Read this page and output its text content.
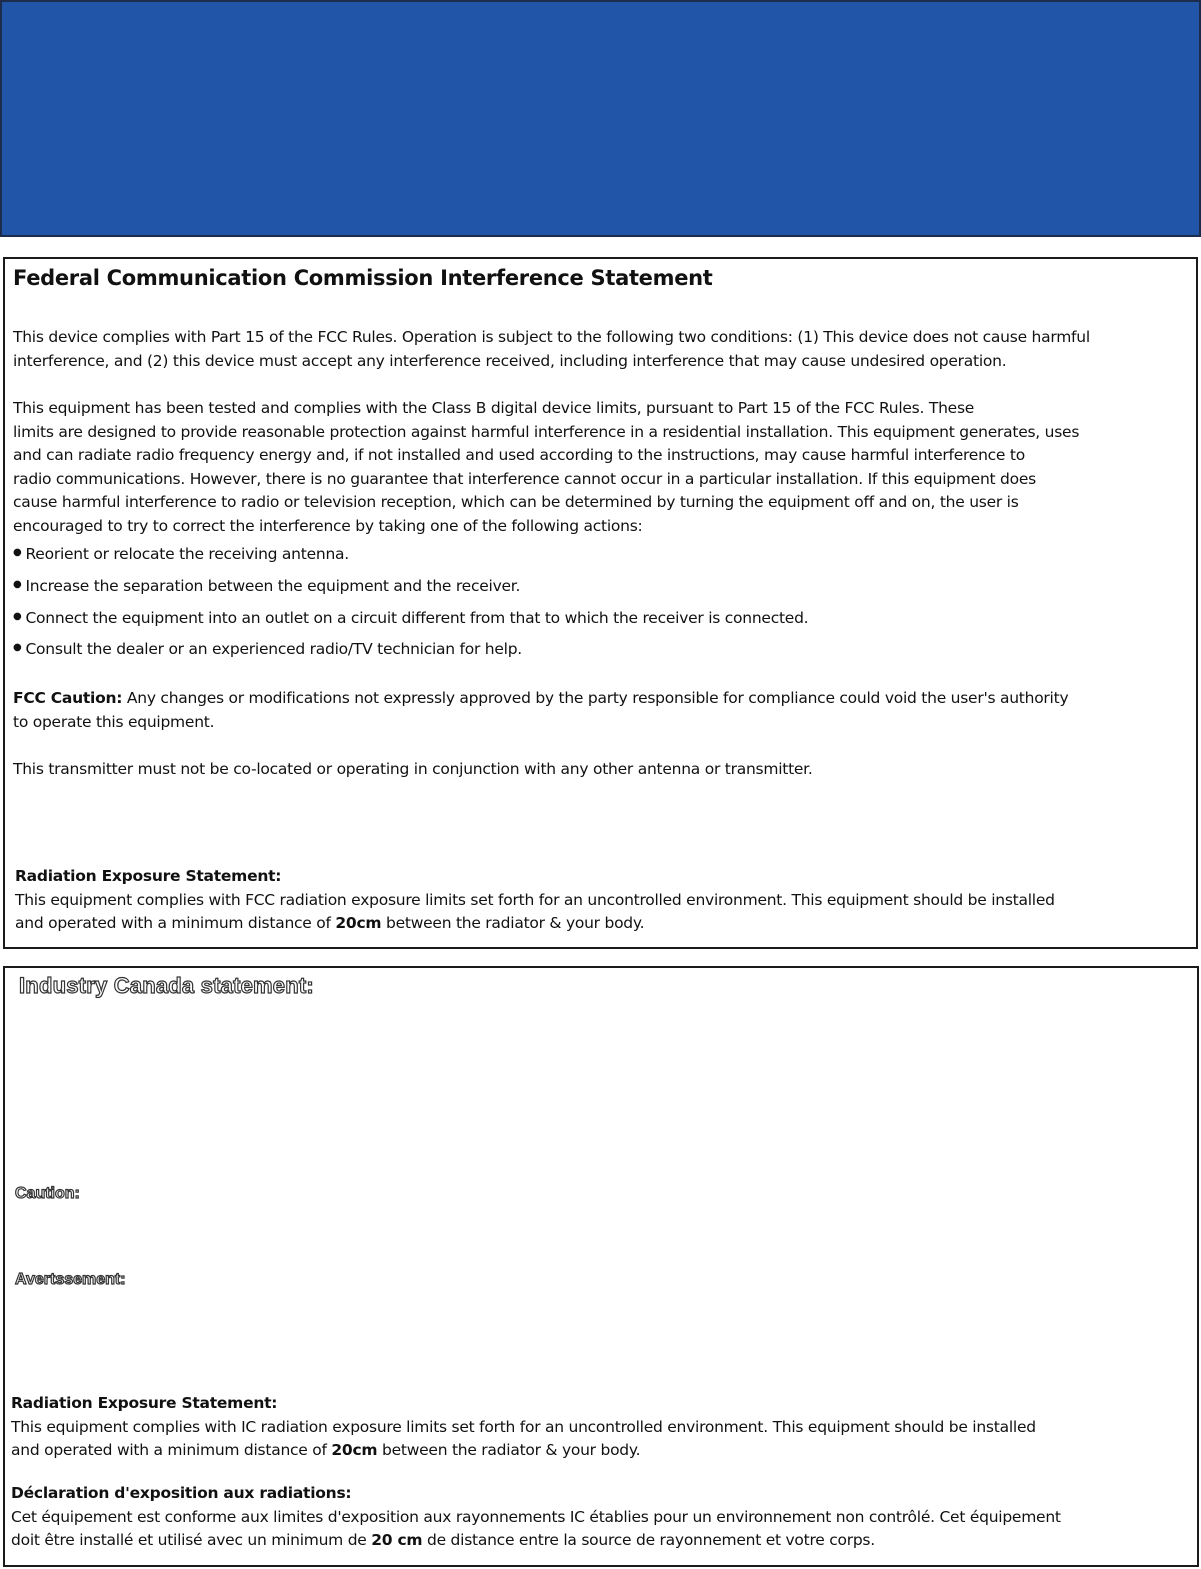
Federal Communication Commission Interference Statement
This device complies with Part 15 of the FCC Rules. Operation is subject to the following two conditions: (1) This device does not cause harmful
interference, and (2) this device must accept any interference received, including interference that may cause undesired operation.
This equipment has been tested and complies with the Class B digital device limits, pursuant to Part 15 of the FCC Rules. These
limits are designed to provide reasonable protection against harmful interference in a residential installation. This equipment generates, uses
and can radiate radio frequency energy and, if not installed and used according to the instructions, may cause harmful interference to
radio communications. However, there is no guarantee that interference cannot occur in a particular installation. If this equipment does
cause harmful interference to radio or television reception, which can be determined by turning the equipment off and on, the user is
encouraged to try to correct the interference by taking one of the following actions:
● Reorient or relocate the receiving antenna.
● Increase the separation between the equipment and the receiver.
● Connect the equipment into an outlet on a circuit different from that to which the receiver is connected.
● Consult the dealer or an experienced radio/TV technician for help.
FCC Caution: Any changes or modifications not expressly approved by the party responsible for compliance could void the user's authority
to operate this equipment.
This transmitter must not be co-located or operating in conjunction with any other antenna or transmitter.
Radiation Exposure Statement:
This equipment complies with FCC radiation exposure limits set forth for an uncontrolled environment. This equipment should be installed
and operated with a minimum distance of 20cm between the radiator & your body.
Industry Canada statement:
Caution:
Avertssement:
Radiation Exposure Statement:
This equipment complies with IC radiation exposure limits set forth for an uncontrolled environment. This equipment should be installed
and operated with a minimum distance of 20cm between the radiator & your body.
Déclaration d'exposition aux radiations:
Cet équipement est conforme aux limites d'exposition aux rayonnements IC établies pour un environnement non contrôlé. Cet équipement
doit être installé et utilisé avec un minimum de 20 cm de distance entre la source de rayonnement et votre corps.
